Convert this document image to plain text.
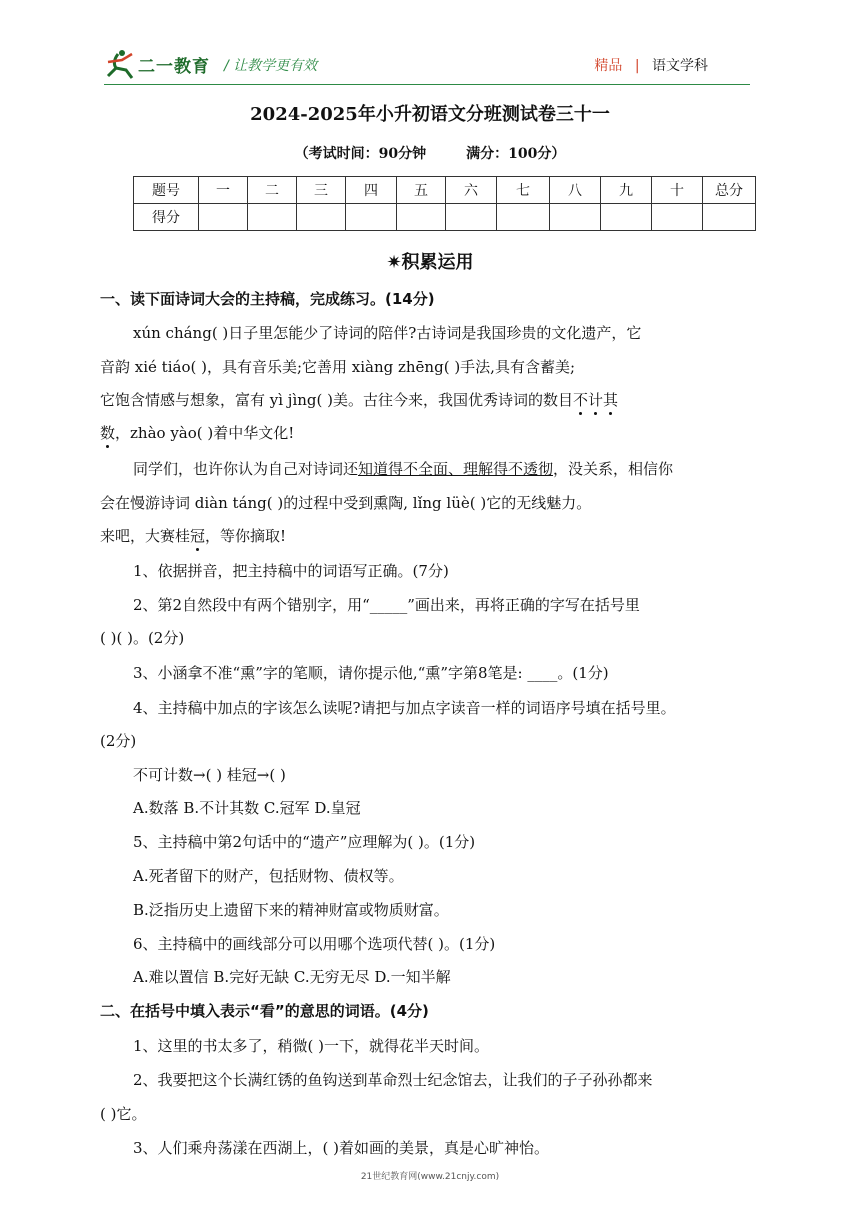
二一教育 / 让教学更有效	精品 | 语文学科
2024-2025年小升初语文分班测试卷三十一
（考试时间：90分钟	满分：100分）
题号	一	二	三	四	五	六	七	八	九	十	总分
得分											
✷积累运用
一、读下面诗词大会的主持稿，完成练习。(14分)
xún cháng( )日子里怎能少了诗词的陪伴?古诗词是我国珍贵的文化遗产，它
音韵 xié tiáo( )，具有音乐美;它善用 xiàng zhēng( )手法,具有含蓄美;
它饱含情感与想象，富有 yì jìng( )美。古往今来，我国优秀诗词的数目不计其
数，zhào yào( )着中华文化!
同学们，也许你认为自己对诗词还知道得不全面、理解得不透彻，没关系，相信你
会在慢游诗词 diàn táng( )的过程中受到熏陶, lǐng lüè( )它的无线魅力。
来吧，大赛桂冠，等你摘取!
1、依据拼音，把主持稿中的词语写正确。(7分)
2、第2自然段中有两个错别字，用“_____”画出来，再将正确的字写在括号里
( )( )。(2分)
3、小涵拿不准“熏”字的笔顺，请你提示他,“熏”字第8笔是: ____。(1分)
4、主持稿中加点的字该怎么读呢?请把与加点字读音一样的词语序号填在括号里。
(2分)
不可计数→( ) 桂冠→( )
A.数落 B.不计其数 C.冠军 D.皇冠
5、主持稿中第2句话中的“遗产”应理解为( )。(1分)
A.死者留下的财产，包括财物、债权等。
B.泛指历史上遗留下来的精神财富或物质财富。
6、主持稿中的画线部分可以用哪个选项代替( )。(1分)
A.难以置信 B.完好无缺 C.无穷无尽 D.一知半解
二、在括号中填入表示“看”的意思的词语。(4分)
1、这里的书太多了，稍微( )一下，就得花半天时间。
2、我要把这个长满红锈的鱼钩送到革命烈士纪念馆去，让我们的子子孙孙都来
( )它。
3、人们乘舟荡漾在西湖上，( )着如画的美景，真是心旷神怡。
21世纪教育网(www.21cnjy.com)
